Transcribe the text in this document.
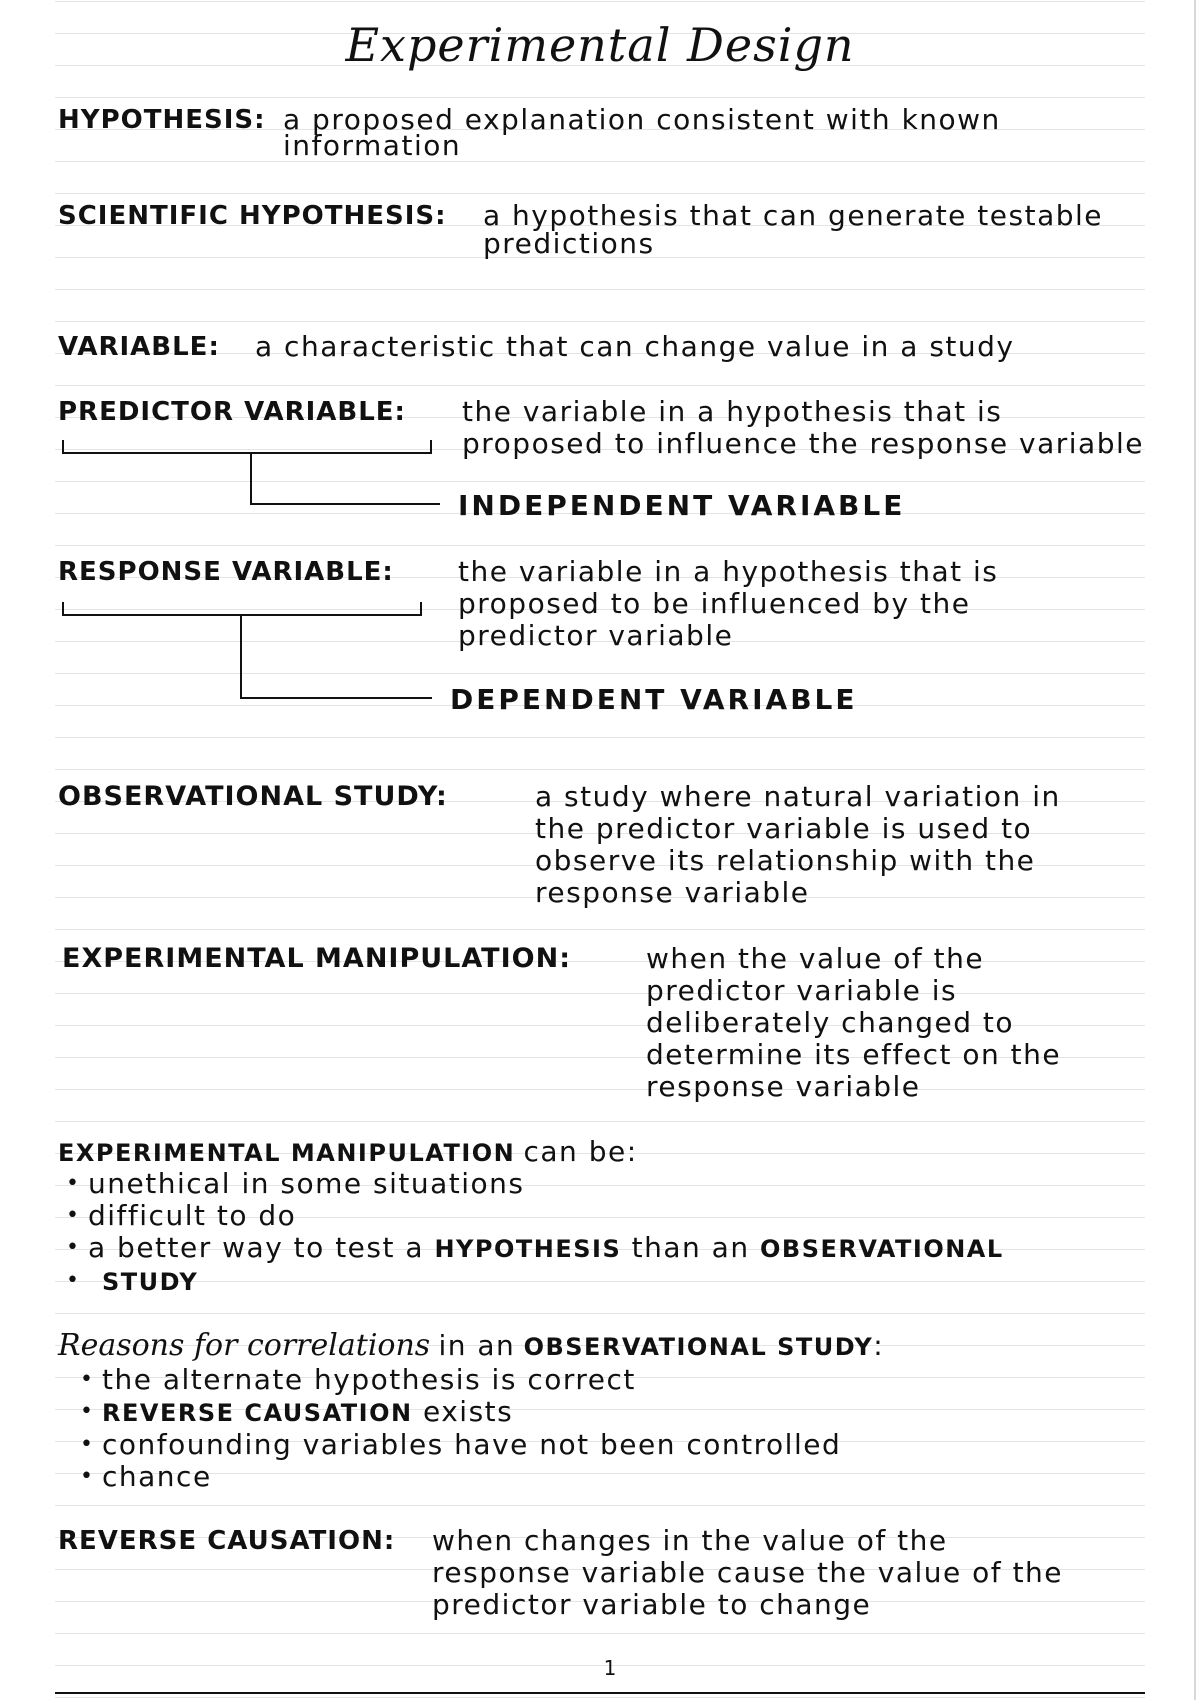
Experimental Design
HYPOTHESIS: a proposed explanation consistent with known
information
SCIENTIFIC HYPOTHESIS: a hypothesis that can generate testable
predictions
VARIABLE: a characteristic that can change value in a study
PREDICTOR VARIABLE: the variable in a hypothesis that is
proposed to influence the response variable
INDEPENDENT VARIABLE
RESPONSE VARIABLE: the variable in a hypothesis that is
proposed to be influenced by the
predictor variable
DEPENDENT VARIABLE
OBSERVATIONAL STUDY:	a study where natural variation in
the predictor variable is used to
observe its relationship with the
response variable
EXPERIMENTAL MANIPULATION:	when the value of the
predictor variable is
deliberately changed to
determine its effect on the
response variable
EXPERIMENTAL MANIPULATION can be:
• unethical in some situations
• difficult to do
• a better way to test a HYPOTHESIS than an OBSERVATIONAL
• STUDY
Reasons for correlations in an OBSERVATIONAL STUDY:
• the alternate hypothesis is correct
• REVERSE CAUSATION exists
• confounding variables have not been controlled
• chance
REVERSE CAUSATION: when changes in the value of the
response variable cause the value of the
predictor variable to change
1
